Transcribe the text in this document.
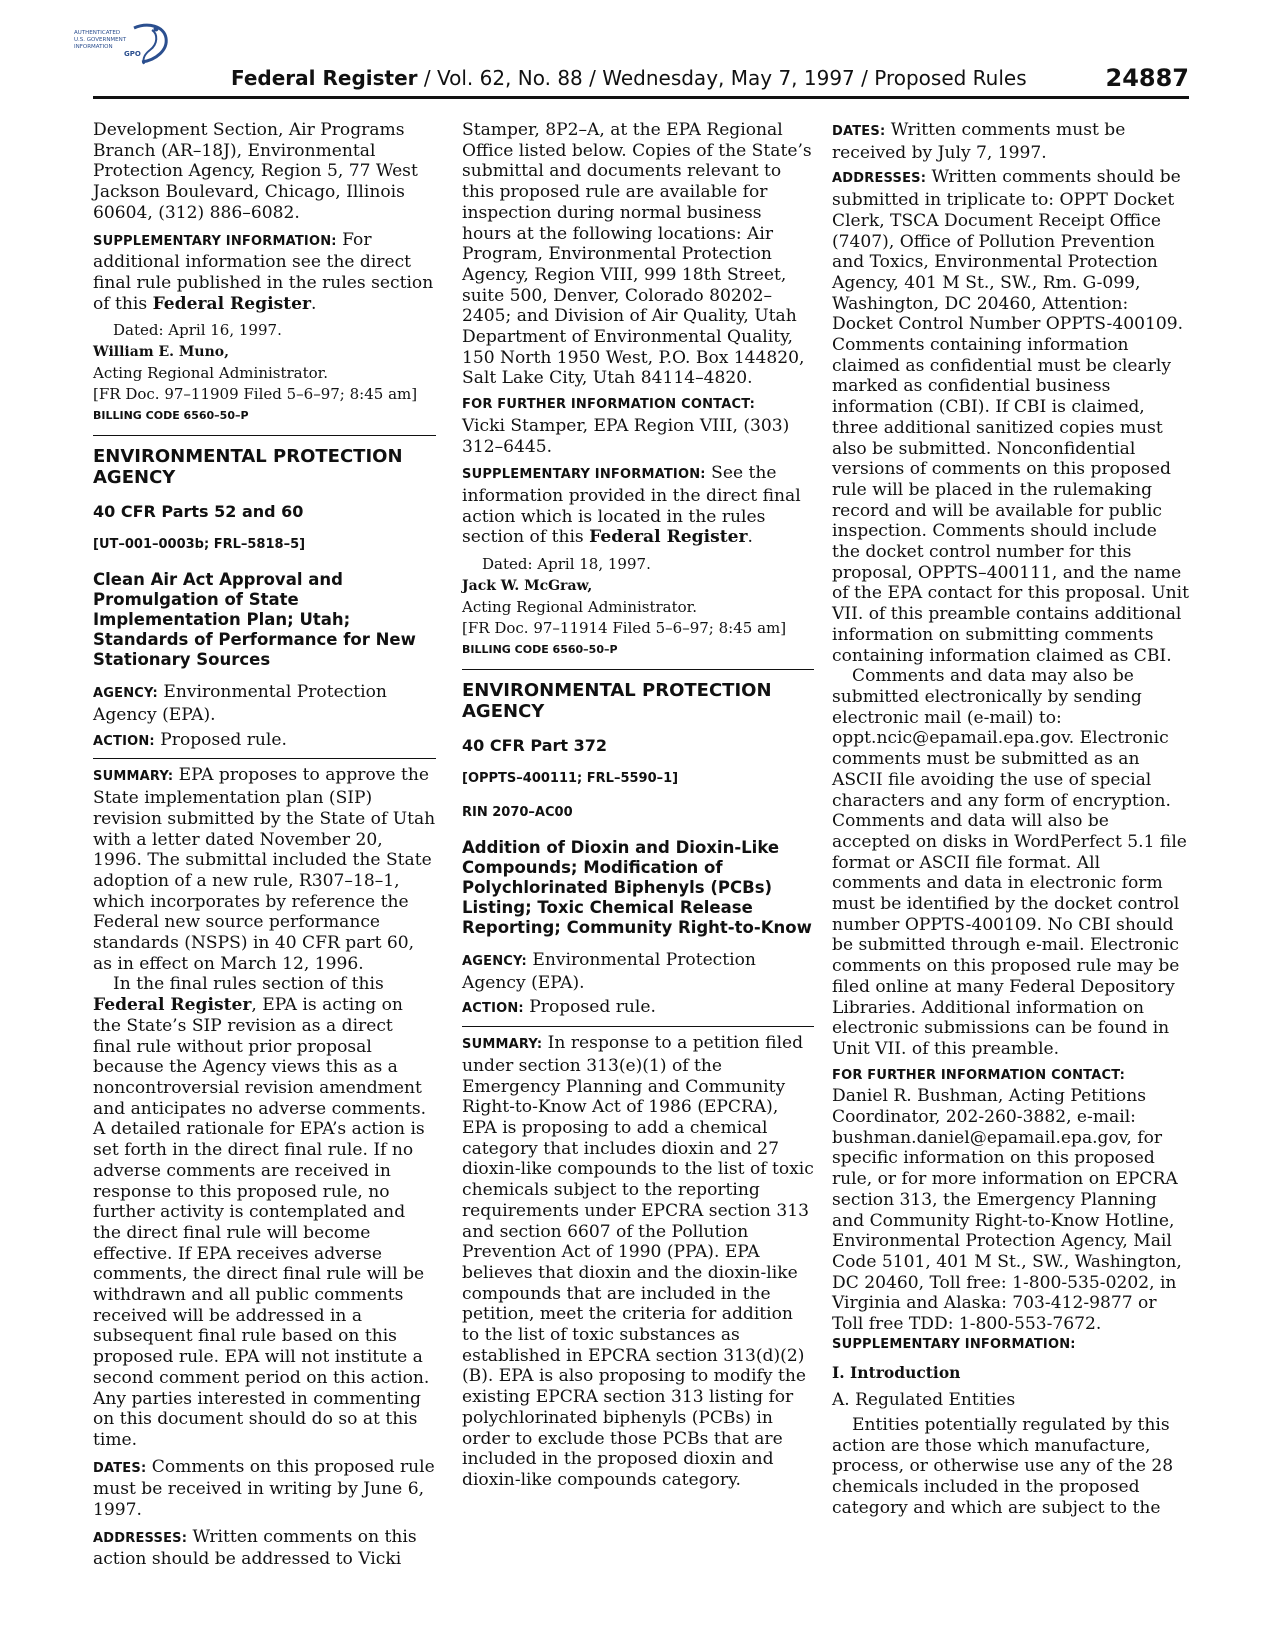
AUTHENTICATED
U.S. GOVERNMENT
INFORMATION
GPO
Federal Register / Vol. 62, No. 88 / Wednesday, May 7, 1997 / Proposed Rules	24887

Development Section, Air Programs Branch (AR–18J), Environmental Protection Agency, Region 5, 77 West Jackson Boulevard, Chicago, Illinois 60604, (312) 886–6082.

SUPPLEMENTARY INFORMATION: For additional information see the direct final rule published in the rules section of this Federal Register.

Dated: April 16, 1997.

William E. Muno,

Acting Regional Administrator.

[FR Doc. 97–11909 Filed 5–6–97; 8:45 am]

BILLING CODE 6560–50–P

ENVIRONMENTAL PROTECTION AGENCY

40 CFR Parts 52 and 60

[UT–001–0003b; FRL–5818–5]

Clean Air Act Approval and Promulgation of State Implementation Plan; Utah; Standards of Performance for New Stationary Sources

AGENCY: Environmental Protection Agency (EPA).

ACTION: Proposed rule.

SUMMARY: EPA proposes to approve the State implementation plan (SIP) revision submitted by the State of Utah with a letter dated November 20, 1996. The submittal included the State adoption of a new rule, R307–18–1, which incorporates by reference the Federal new source performance standards (NSPS) in 40 CFR part 60, as in effect on March 12, 1996.

In the final rules section of this Federal Register, EPA is acting on the State’s SIP revision as a direct final rule without prior proposal because the Agency views this as a noncontroversial revision amendment and anticipates no adverse comments. A detailed rationale for EPA’s action is set forth in the direct final rule. If no adverse comments are received in response to this proposed rule, no further activity is contemplated and the direct final rule will become effective. If EPA receives adverse comments, the direct final rule will be withdrawn and all public comments received will be addressed in a subsequent final rule based on this proposed rule. EPA will not institute a second comment period on this action. Any parties interested in commenting on this document should do so at this time.

DATES: Comments on this proposed rule must be received in writing by June 6, 1997.

ADDRESSES: Written comments on this action should be addressed to Vicki

Stamper, 8P2–A, at the EPA Regional Office listed below. Copies of the State’s submittal and documents relevant to this proposed rule are available for inspection during normal business hours at the following locations: Air Program, Environmental Protection Agency, Region VIII, 999 18th Street, suite 500, Denver, Colorado 80202–2405; and Division of Air Quality, Utah Department of Environmental Quality, 150 North 1950 West, P.O. Box 144820, Salt Lake City, Utah 84114–4820.

FOR FURTHER INFORMATION CONTACT:

Vicki Stamper, EPA Region VIII, (303) 312–6445.

SUPPLEMENTARY INFORMATION: See the information provided in the direct final action which is located in the rules section of this Federal Register.

Dated: April 18, 1997.

Jack W. McGraw,

Acting Regional Administrator.

[FR Doc. 97–11914 Filed 5–6–97; 8:45 am]

BILLING CODE 6560–50–P

ENVIRONMENTAL PROTECTION AGENCY

40 CFR Part 372

[OPPTS–400111; FRL–5590–1]

RIN 2070–AC00

Addition of Dioxin and Dioxin-Like Compounds; Modification of Polychlorinated Biphenyls (PCBs) Listing; Toxic Chemical Release Reporting; Community Right-to-Know

AGENCY: Environmental Protection Agency (EPA).

ACTION: Proposed rule.

SUMMARY: In response to a petition filed under section 313(e)(1) of the Emergency Planning and Community Right-to-Know Act of 1986 (EPCRA), EPA is proposing to add a chemical category that includes dioxin and 27 dioxin-like compounds to the list of toxic chemicals subject to the reporting requirements under EPCRA section 313 and section 6607 of the Pollution Prevention Act of 1990 (PPA). EPA believes that dioxin and the dioxin-like compounds that are included in the petition, meet the criteria for addition to the list of toxic substances as established in EPCRA section 313(d)(2)(B). EPA is also proposing to modify the existing EPCRA section 313 listing for polychlorinated biphenyls (PCBs) in order to exclude those PCBs that are included in the proposed dioxin and dioxin-like compounds category.

DATES: Written comments must be received by July 7, 1997.

ADDRESSES: Written comments should be submitted in triplicate to: OPPT Docket Clerk, TSCA Document Receipt Office (7407), Office of Pollution Prevention and Toxics, Environmental Protection Agency, 401 M St., SW., Rm. G-099, Washington, DC 20460, Attention: Docket Control Number OPPTS-400109. Comments containing information claimed as confidential must be clearly marked as confidential business information (CBI). If CBI is claimed, three additional sanitized copies must also be submitted. Nonconfidential versions of comments on this proposed rule will be placed in the rulemaking record and will be available for public inspection. Comments should include the docket control number for this proposal, OPPTS–400111, and the name of the EPA contact for this proposal. Unit VII. of this preamble contains additional information on submitting comments containing information claimed as CBI.

Comments and data may also be submitted electronically by sending electronic mail (e-mail) to: oppt.ncic@epamail.epa.gov. Electronic comments must be submitted as an ASCII file avoiding the use of special characters and any form of encryption. Comments and data will also be accepted on disks in WordPerfect 5.1 file format or ASCII file format. All comments and data in electronic form must be identified by the docket control number OPPTS-400109. No CBI should be submitted through e-mail. Electronic comments on this proposed rule may be filed online at many Federal Depository Libraries. Additional information on electronic submissions can be found in Unit VII. of this preamble.

FOR FURTHER INFORMATION CONTACT:

Daniel R. Bushman, Acting Petitions Coordinator, 202-260-3882, e-mail: bushman.daniel@epamail.epa.gov, for specific information on this proposed rule, or for more information on EPCRA section 313, the Emergency Planning and Community Right-to-Know Hotline, Environmental Protection Agency, Mail Code 5101, 401 M St., SW., Washington, DC 20460, Toll free: 1-800-535-0202, in Virginia and Alaska: 703-412-9877 or Toll free TDD: 1-800-553-7672.

SUPPLEMENTARY INFORMATION:

I. Introduction

A. Regulated Entities

Entities potentially regulated by this action are those which manufacture, process, or otherwise use any of the 28 chemicals included in the proposed category and which are subject to the
